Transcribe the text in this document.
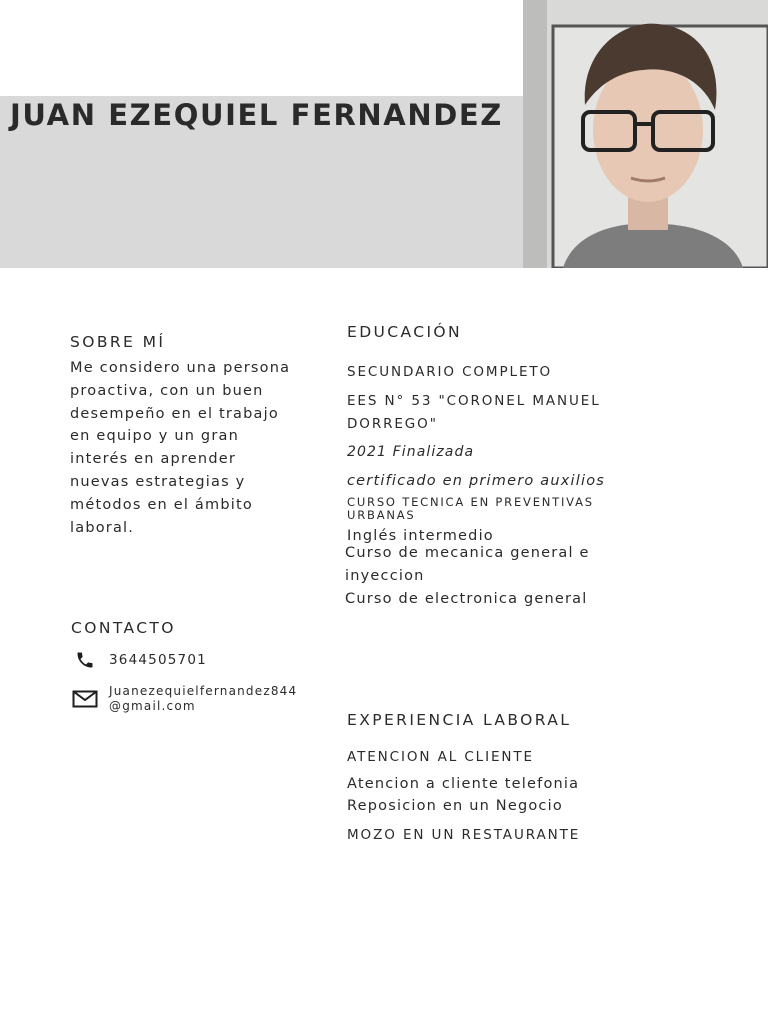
JUAN EZEQUIEL FERNANDEZ
SOBRE MÍ
Me considero una persona proactiva, con un buen desempeño en el trabajo en equipo y un gran interés en aprender nuevas estrategias y métodos en el ámbito laboral.
CONTACTO
3644505701
Juanezequielfernandez844@gmail.com
EDUCACIÓN
SECUNDARIO COMPLETO
EES N° 53 "CORONEL MANUEL DORREGO"
2021 Finalizada
certificado en primero auxilios
CURSO TECNICA EN PREVENTIVAS URBANAS
Inglés intermedio
Curso de mecanica general e inyeccion
Curso de electronica general
EXPERIENCIA LABORAL
ATENCION AL CLIENTE
Atencion a cliente telefonia
Reposicion en un Negocio
MOZO EN UN RESTAURANTE
